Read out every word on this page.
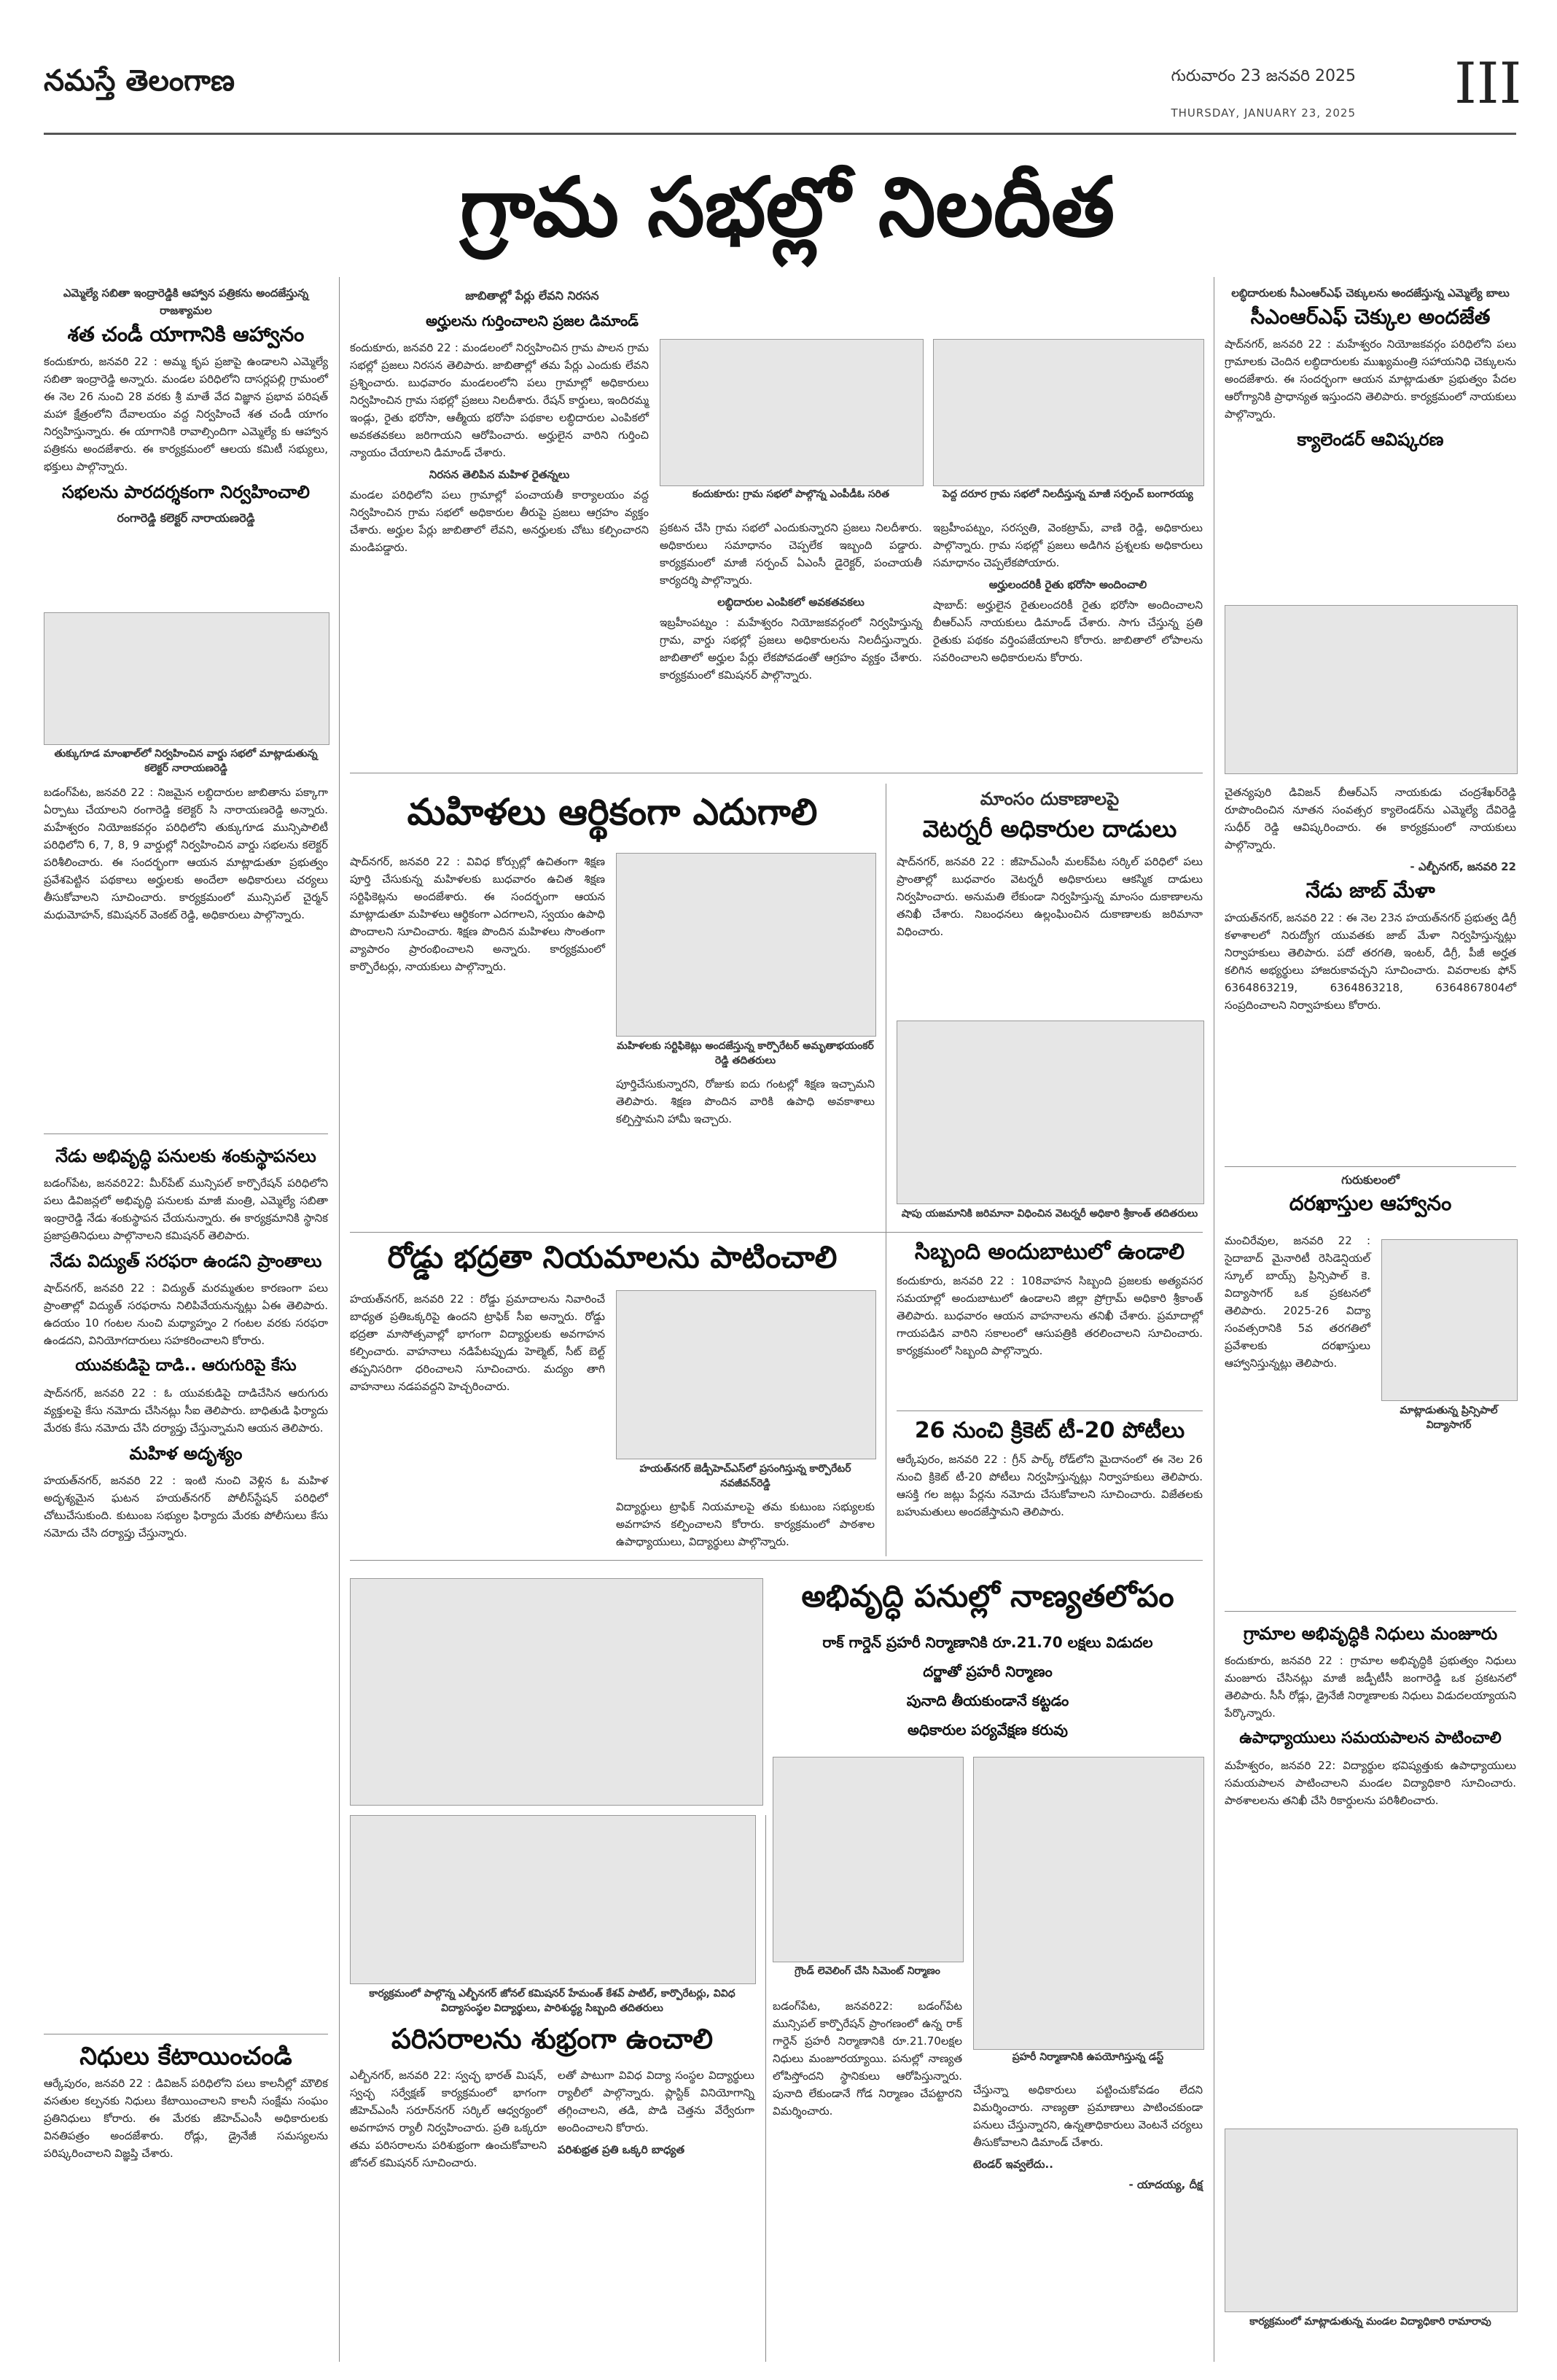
నమస్తే తెలంగాణ	గురువారం 23 జనవరి 2025
THURSDAY, JANUARY 23, 2025 III
గ్రామ సభల్లో నిలదీత
ఎమ్మెల్యే సబితా ఇంద్రారెడ్డికి ఆహ్వాన పత్రికను అందజేస్తున్న రాజశ్యామల
శత చండీ యాగానికి ఆహ్వానం

కందుకూరు, జనవరి 22 : అమ్మ కృప ప్రజాపై ఉండాలని ఎమ్మెల్యే సబితా ఇంద్రారెడ్డి అన్నారు. మండల పరిధిలోని దాసర్లపల్లి గ్రామంలో ఈ నెల 26 నుంచి 28 వరకు శ్రీ మాతే వేద విజ్ఞాన ప్రభావ పరిషత్ మహా క్షేత్రంలోని దేవాలయం వద్ద నిర్వహించే శత చండీ యాగం నిర్వహిస్తున్నారు. ఈ యాగానికి రావాల్సిందిగా ఎమ్మెల్యే కు ఆహ్వాన పత్రికను అందజేశారు. ఈ కార్యక్రమంలో ఆలయ కమిటీ సభ్యులు, భక్తులు పాల్గొన్నారు.

సభలను పారదర్శకంగా నిర్వహించాలి
రంగారెడ్డి కలెక్టర్ నారాయణరెడ్డి
తుక్కుగూడ మాంఖాల్‌లో నిర్వహించిన వార్డు సభలో మాట్లాడుతున్న కలెక్టర్ నారాయణరెడ్డి

బడంగ్‌పేట, జనవరి 22 : నిజమైన లబ్ధిదారుల జాబితాను పక్కాగా ఏర్పాటు చేయాలని రంగారెడ్డి కలెక్టర్ సి నారాయణరెడ్డి అన్నారు. మహేశ్వరం నియోజకవర్గం పరిధిలోని తుక్కుగూడ మున్సిపాలిటీ పరిధిలోని 6, 7, 8, 9 వార్డుల్లో నిర్వహించిన వార్డు సభలను కలెక్టర్ పరిశీలించారు. ఈ సందర్భంగా ఆయన మాట్లాడుతూ ప్రభుత్వం ప్రవేశపెట్టిన పథకాలు అర్హులకు అందేలా అధికారులు చర్యలు తీసుకోవాలని సూచించారు. కార్యక్రమంలో మున్సిపల్ చైర్మన్ మధుమోహన్, కమిషనర్ వెంకట్ రెడ్డి, అధికారులు పాల్గొన్నారు.

నేడు అభివృద్ధి పనులకు శంకుస్థాపనలు

బడంగ్‌పేట, జనవరి22: మీర్‌పేట్ మున్సిపల్ కార్పొరేషన్ పరిధిలోని పలు డివిజన్లలో అభివృద్ధి పనులకు మాజీ మంత్రి, ఎమ్మెల్యే సబితా ఇంద్రారెడ్డి నేడు శంకుస్థాపన చేయనున్నారు. ఈ కార్యక్రమానికి స్థానిక ప్రజాప్రతినిధులు పాల్గొనాలని కమిషనర్ తెలిపారు.

నేడు విద్యుత్ సరఫరా ఉండని ప్రాంతాలు

షాద్‌నగర్, జనవరి 22 : విద్యుత్ మరమ్మతుల కారణంగా పలు ప్రాంతాల్లో విద్యుత్ సరఫరాను నిలిపివేయనున్నట్లు ఏఈ తెలిపారు. ఉదయం 10 గంటల నుంచి మధ్యాహ్నం 2 గంటల వరకు సరఫరా ఉండదని, వినియోగదారులు సహకరించాలని కోరారు.

యువకుడిపై దాడి.. ఆరుగురిపై కేసు

షాద్‌నగర్, జనవరి 22 : ఓ యువకుడిపై దాడిచేసిన ఆరుగురు వ్యక్తులపై కేసు నమోదు చేసినట్లు సీఐ తెలిపారు. బాధితుడి ఫిర్యాదు మేరకు కేసు నమోదు చేసి దర్యాప్తు చేస్తున్నామని ఆయన తెలిపారు.

మహిళ అదృశ్యం

హయత్‌నగర్, జనవరి 22 : ఇంటి నుంచి వెళ్లిన ఓ మహిళ అదృశ్యమైన ఘటన హయత్‌నగర్ పోలీస్‌స్టేషన్ పరిధిలో చోటుచేసుకుంది. కుటుంబ సభ్యుల ఫిర్యాదు మేరకు పోలీసులు కేసు నమోదు చేసి దర్యాప్తు చేస్తున్నారు.

నిధులు కేటాయించండి

ఆర్కేపురం, జనవరి 22 : డివిజన్ పరిధిలోని పలు కాలనీల్లో మౌలిక వసతుల కల్పనకు నిధులు కేటాయించాలని కాలనీ సంక్షేమ సంఘం ప్రతినిధులు కోరారు. ఈ మేరకు జీహెచ్‌ఎంసీ అధికారులకు వినతిపత్రం అందజేశారు. రోడ్లు, డ్రైనేజీ సమస్యలను పరిష్కరించాలని విజ్ఞప్తి చేశారు.

జాబితాల్లో పేర్లు లేవని నిరసన
అర్హులను గుర్తించాలని ప్రజల డిమాండ్

కందుకూరు, జనవరి 22 : మండలంలో నిర్వహించిన గ్రామ పాలన గ్రామ సభల్లో ప్రజలు నిరసన తెలిపారు. జాబితాల్లో తమ పేర్లు ఎందుకు లేవని ప్రశ్నించారు. బుధవారం మండలంలోని పలు గ్రామాల్లో అధికారులు నిర్వహించిన గ్రామ సభల్లో ప్రజలు నిలదీశారు. రేషన్ కార్డులు, ఇందిరమ్మ ఇండ్లు, రైతు భరోసా, ఆత్మీయ భరోసా పథకాల లబ్ధిదారుల ఎంపికలో అవకతవకలు జరిగాయని ఆరోపించారు. అర్హులైన వారిని గుర్తించి న్యాయం చేయాలని డిమాండ్ చేశారు.

నిరసన తెలిపిన మహిళ రైతన్నలు

మండల పరిధిలోని పలు గ్రామాల్లో పంచాయతీ కార్యాలయం వద్ద నిర్వహించిన గ్రామ సభలో అధికారుల తీరుపై ప్రజలు ఆగ్రహం వ్యక్తం చేశారు. అర్హుల పేర్లు జాబితాలో లేవని, అనర్హులకు చోటు కల్పించారని మండిపడ్డారు.

కందుకూరు: గ్రామ సభలో పాల్గొన్న ఎంపీడీఓ సరిత	పెద్ద దరూర గ్రామ సభలో నిలదీస్తున్న మాజీ సర్పంచ్ బంగారయ్య

ప్రకటన చేసి గ్రామ సభలో ఎందుకున్నారని ప్రజలు నిలదీశారు. అధికారులు సమాధానం చెప్పలేక ఇబ్బంది పడ్డారు. కార్యక్రమంలో మాజీ సర్పంచ్ ఏఎంసీ డైరెక్టర్, పంచాయతీ కార్యదర్శి పాల్గొన్నారు.

లబ్ధిదారుల ఎంపికలో అవకతవకలు

ఇబ్రహీంపట్నం : మహేశ్వరం నియోజకవర్గంలో నిర్వహిస్తున్న గ్రామ, వార్డు సభల్లో ప్రజలు అధికారులను నిలదీస్తున్నారు. జాబితాలో అర్హుల పేర్లు లేకపోవడంతో ఆగ్రహం వ్యక్తం చేశారు. కార్యక్రమంలో కమిషనర్ పాల్గొన్నారు.

ఇబ్రహీంపట్నం, సరస్వతి, వెంకట్రామ్, వాణి రెడ్డి, అధికారులు పాల్గొన్నారు. గ్రామ సభల్లో ప్రజలు అడిగిన ప్రశ్నలకు అధికారులు సమాధానం చెప్పలేకపోయారు.

అర్హులందరికీ రైతు భరోసా అందించాలి

షాబాద్: అర్హులైన రైతులందరికీ రైతు భరోసా అందించాలని బీఆర్ఎస్ నాయకులు డిమాండ్ చేశారు. సాగు చేస్తున్న ప్రతి రైతుకు పథకం వర్తింపజేయాలని కోరారు. జాబితాలో లోపాలను సవరించాలని అధికారులను కోరారు.

లబ్ధిదారులకు సీఎంఆర్‌ఎఫ్ చెక్కులను అందజేస్తున్న ఎమ్మెల్యే బాలు
సీఎంఆర్‌ఎఫ్ చెక్కుల అందజేత

షాద్‌నగర్, జనవరి 22 : మహేశ్వరం నియోజకవర్గం పరిధిలోని పలు గ్రామాలకు చెందిన లబ్ధిదారులకు ముఖ్యమంత్రి సహాయనిధి చెక్కులను అందజేశారు. ఈ సందర్భంగా ఆయన మాట్లాడుతూ ప్రభుత్వం పేదల ఆరోగ్యానికి ప్రాధాన్యత ఇస్తుందని తెలిపారు. కార్యక్రమంలో నాయకులు పాల్గొన్నారు.

క్యాలెండర్ ఆవిష్కరణ

చైతన్యపురి డివిజన్ బీఆర్ఎస్ నాయకుడు చంద్రశేఖర్‌రెడ్డి రూపొందించిన నూతన సంవత్సర క్యాలెండర్‌ను ఎమ్మెల్యే దేవిరెడ్డి సుధీర్ రెడ్డి ఆవిష్కరించారు. ఈ కార్యక్రమంలో నాయకులు పాల్గొన్నారు.

- ఎల్బీనగర్, జనవరి 22
నేడు జాబ్ మేళా

హయత్‌నగర్, జనవరి 22 : ఈ నెల 23న హయత్‌నగర్ ప్రభుత్వ డిగ్రీ కళాశాలలో నిరుద్యోగ యువతకు జాబ్ మేళా నిర్వహిస్తున్నట్లు నిర్వాహకులు తెలిపారు. పదో తరగతి, ఇంటర్, డిగ్రీ, పీజీ అర్హత కలిగిన అభ్యర్థులు హాజరుకావచ్చని సూచించారు. వివరాలకు ఫోన్ 6364863219, 6364863218, 6364867804లో సంప్రదించాలని నిర్వాహకులు కోరారు.

గురుకులంలో
దరఖాస్తుల ఆహ్వానం

మంచిరేవుల, జనవరి 22 : సైదాబాద్ మైనారిటీ రెసిడెన్షియల్ స్కూల్ బాయ్స్ ప్రిన్సిపాల్ కె. విద్యాసాగర్ ఒక ప్రకటనలో తెలిపారు. 2025-26 విద్యా సంవత్సరానికి 5వ తరగతిలో ప్రవేశాలకు దరఖాస్తులు ఆహ్వానిస్తున్నట్లు తెలిపారు.

మాట్లాడుతున్న ప్రిన్సిపాల్ విద్యాసాగర్
గ్రామాల అభివృద్ధికి నిధులు మంజూరు

కందుకూరు, జనవరి 22 : గ్రామాల అభివృద్ధికి ప్రభుత్వం నిధులు మంజూరు చేసినట్లు మాజీ జడ్పీటీసీ జంగారెడ్డి ఒక ప్రకటనలో తెలిపారు. సీసీ రోడ్లు, డ్రైనేజీ నిర్మాణాలకు నిధులు విడుదలయ్యాయని పేర్కొన్నారు.

ఉపాధ్యాయులు సమయపాలన పాటించాలి

మహేశ్వరం, జనవరి 22: విద్యార్థుల భవిష్యత్తుకు ఉపాధ్యాయులు సమయపాలన పాటించాలని మండల విద్యాధికారి సూచించారు. పాఠశాలలను తనిఖీ చేసి రికార్డులను పరిశీలించారు.

కార్యక్రమంలో మాట్లాడుతున్న మండల విద్యాధికారి రామారావు
మహిళలు ఆర్థికంగా ఎదుగాలి

షాద్‌నగర్, జనవరి 22 : వివిధ కోర్సుల్లో ఉచితంగా శిక్షణ పూర్తి చేసుకున్న మహిళలకు బుధవారం ఉచిత శిక్షణ సర్టిఫికెట్లను అందజేశారు. ఈ సందర్భంగా ఆయన మాట్లాడుతూ మహిళలు ఆర్థికంగా ఎదగాలని, స్వయం ఉపాధి పొందాలని సూచించారు. శిక్షణ పొందిన మహిళలు సొంతంగా వ్యాపారం ప్రారంభించాలని అన్నారు. కార్యక్రమంలో కార్పొరేటర్లు, నాయకులు పాల్గొన్నారు.

మహిళలకు సర్టిఫికెట్లు అందజేస్తున్న కార్పొరేటర్ అమృతాభయంకర్ రెడ్డి తదితరులు

పూర్తిచేసుకున్నారని, రోజుకు ఐదు గంటల్లో శిక్షణ ఇచ్చామని తెలిపారు. శిక్షణ పొందిన వారికి ఉపాధి అవకాశాలు కల్పిస్తామని హామీ ఇచ్చారు.

మాంసం దుకాణాలపై
వెటర్నరీ అధికారుల దాడులు

షాద్‌నగర్, జనవరి 22 : జీహెచ్‌ఎంసీ మలక్‌పేట సర్కిల్ పరిధిలో పలు ప్రాంతాల్లో బుధవారం వెటర్నరీ అధికారులు ఆకస్మిక దాడులు నిర్వహించారు. అనుమతి లేకుండా నిర్వహిస్తున్న మాంసం దుకాణాలను తనిఖీ చేశారు. నిబంధనలు ఉల్లంఘించిన దుకాణాలకు జరిమానా విధించారు.

షాపు యజమానికి జరిమానా విధించిన వెటర్నరీ అధికారి శ్రీకాంత్ తదితరులు
రోడ్డు భద్రతా నియమాలను పాటించాలి

హయత్‌నగర్, జనవరి 22 : రోడ్డు ప్రమాదాలను నివారించే బాధ్యత ప్రతిఒక్కరిపై ఉందని ట్రాఫిక్ సీఐ అన్నారు. రోడ్డు భద్రతా మాసోత్సవాల్లో భాగంగా విద్యార్థులకు అవగాహన కల్పించారు. వాహనాలు నడిపేటప్పుడు హెల్మెట్, సీట్ బెల్ట్ తప్పనిసరిగా ధరించాలని సూచించారు. మద్యం తాగి వాహనాలు నడపవద్దని హెచ్చరించారు.

హయత్‌నగర్ జెడ్పీహెచ్‌ఎస్‌లో ప్రసంగిస్తున్న కార్పొరేటర్ నవజీవన్‌రెడ్డి

విద్యార్థులు ట్రాఫిక్ నియమాలపై తమ కుటుంబ సభ్యులకు అవగాహన కల్పించాలని కోరారు. కార్యక్రమంలో పాఠశాల ఉపాధ్యాయులు, విద్యార్థులు పాల్గొన్నారు.

సిబ్బంది అందుబాటులో ఉండాలి

కందుకూరు, జనవరి 22 : 108వాహన సిబ్బంది ప్రజలకు అత్యవసర సమయాల్లో అందుబాటులో ఉండాలని జిల్లా ప్రోగ్రామ్ అధికారి శ్రీకాంత్ తెలిపారు. బుధవారం ఆయన వాహనాలను తనిఖీ చేశారు. ప్రమాదాల్లో గాయపడిన వారిని సకాలంలో ఆసుపత్రికి తరలించాలని సూచించారు. కార్యక్రమంలో సిబ్బంది పాల్గొన్నారు.

26 నుంచి క్రికెట్ టీ-20 పోటీలు

ఆర్కేపురం, జనవరి 22 : గ్రీన్ పార్క్ రోడ్‌లోని మైదానంలో ఈ నెల 26 నుంచి క్రికెట్ టీ-20 పోటీలు నిర్వహిస్తున్నట్లు నిర్వాహకులు తెలిపారు. ఆసక్తి గల జట్లు పేర్లను నమోదు చేసుకోవాలని సూచించారు. విజేతలకు బహుమతులు అందజేస్తామని తెలిపారు.

అభివృద్ధి పనుల్లో నాణ్యతలోపం
రాక్ గార్డెన్ ప్రహరీ నిర్మాణానికి రూ.21.70 లక్షలు విడుదల
దర్జాతో ప్రహరీ నిర్మాణం
పునాది తీయకుండానే కట్టడం
అధికారుల పర్యవేక్షణ కరువు
గ్రౌండ్ లెవెలింగ్ చేసి సిమెంట్ నిర్మాణం
ప్రహరీ నిర్మాణానికి ఉపయోగిస్తున్న డస్ట్

బడంగ్‌పేట, జనవరి22: బడంగ్‌పేట మున్సిపల్ కార్పొరేషన్ ప్రాంగణంలో ఉన్న రాక్ గార్డెన్ ప్రహరీ నిర్మాణానికి రూ.21.70లక్షల నిధులు మంజూరయ్యాయి. పనుల్లో నాణ్యత లోపిస్తోందని స్థానికులు ఆరోపిస్తున్నారు. పునాది లేకుండానే గోడ నిర్మాణం చేపట్టారని విమర్శించారు.

చేస్తున్నా అధికారులు పట్టించుకోవడం లేదని విమర్శించారు. నాణ్యతా ప్రమాణాలు పాటించకుండా పనులు చేస్తున్నారని, ఉన్నతాధికారులు వెంటనే చర్యలు తీసుకోవాలని డిమాండ్ చేశారు.

టెండర్ ఇవ్వలేదు..
- యాదయ్య, దీక్ష
కార్యక్రమంలో పాల్గొన్న ఎల్బీనగర్ జోనల్ కమిషనర్ హేమంత్ కేశవ్ పాటిల్, కార్పొరేటర్లు, వివిధ విద్యాసంస్థల విద్యార్థులు, పారిశుద్ధ్య సిబ్బంది తదితరులు
పరిసరాలను శుభ్రంగా ఉంచాలి

ఎల్బీనగర్, జనవరి 22: స్వచ్ఛ భారత్ మిషన్, స్వచ్ఛ సర్వేక్షణ్ కార్యక్రమంలో భాగంగా జీహెచ్‌ఎంసీ సరూర్‌నగర్ సర్కిల్ ఆధ్వర్యంలో అవగాహన ర్యాలీ నిర్వహించారు. ప్రతి ఒక్కరూ తమ పరిసరాలను పరిశుభ్రంగా ఉంచుకోవాలని జోనల్ కమిషనర్ సూచించారు.

లతో పాటుగా వివిధ విద్యా సంస్థల విద్యార్థులు ర్యాలీలో పాల్గొన్నారు. ప్లాస్టిక్ వినియోగాన్ని తగ్గించాలని, తడి, పొడి చెత్తను వేర్వేరుగా అందించాలని కోరారు.

పరిశుభ్రత ప్రతి ఒక్కరి బాధ్యత
